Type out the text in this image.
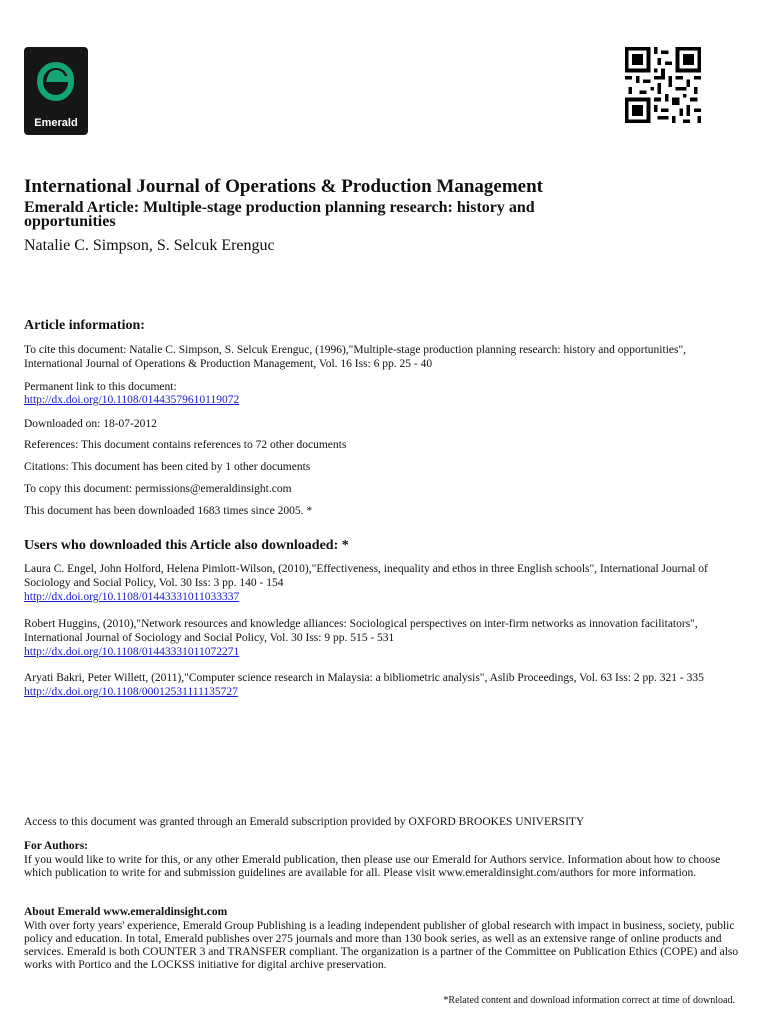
Emerald
International Journal of Operations & Production Management
Emerald Article: Multiple-stage production planning research: history and opportunities
Natalie C. Simpson, S. Selcuk Erenguc
Article information:
To cite this document: Natalie C. Simpson, S. Selcuk Erenguc, (1996),"Multiple-stage production planning research: history and opportunities", International Journal of Operations & Production Management, Vol. 16 Iss: 6 pp. 25 - 40
Permanent link to this document:
http://dx.doi.org/10.1108/01443579610119072
Downloaded on: 18-07-2012
References: This document contains references to 72 other documents
Citations: This document has been cited by 1 other documents
To copy this document: permissions@emeraldinsight.com
This document has been downloaded 1683 times since 2005. *
Users who downloaded this Article also downloaded: *
Laura C. Engel, John Holford, Helena Pimlott-Wilson, (2010),"Effectiveness, inequality and ethos in three English schools", International Journal of Sociology and Social Policy, Vol. 30 Iss: 3 pp. 140 - 154
http://dx.doi.org/10.1108/01443331011033337
Robert Huggins, (2010),"Network resources and knowledge alliances: Sociological perspectives on inter-firm networks as innovation facilitators", International Journal of Sociology and Social Policy, Vol. 30 Iss: 9 pp. 515 - 531
http://dx.doi.org/10.1108/01443331011072271
Aryati Bakri, Peter Willett, (2011),"Computer science research in Malaysia: a bibliometric analysis", Aslib Proceedings, Vol. 63 Iss: 2 pp. 321 - 335
http://dx.doi.org/10.1108/00012531111135727
Access to this document was granted through an Emerald subscription provided by OXFORD BROOKES UNIVERSITY
For Authors:
If you would like to write for this, or any other Emerald publication, then please use our Emerald for Authors service. Information about how to choose which publication to write for and submission guidelines are available for all. Please visit www.emeraldinsight.com/authors for more information.
About Emerald www.emeraldinsight.com
With over forty years' experience, Emerald Group Publishing is a leading independent publisher of global research with impact in business, society, public policy and education. In total, Emerald publishes over 275 journals and more than 130 book series, as well as an extensive range of online products and services. Emerald is both COUNTER 3 and TRANSFER compliant. The organization is a partner of the Committee on Publication Ethics (COPE) and also works with Portico and the LOCKSS initiative for digital archive preservation.
*Related content and download information correct at time of download.
